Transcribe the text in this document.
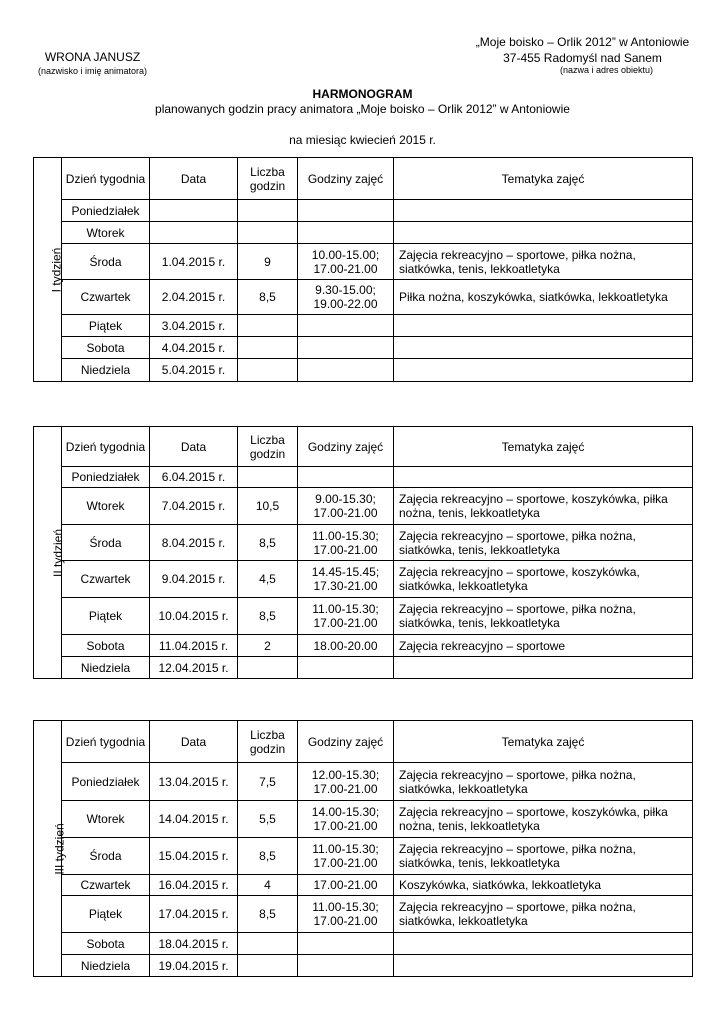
WRONA JANUSZ
(nazwisko i imię animatora)
„Moje boisko – Orlik 2012” w Antoniowie
37-455 Radomyśl nad Sanem
(nazwa i adres obiektu)
HARMONOGRAM
planowanych godzin pracy animatora „Moje boisko – Orlik 2012” w Antoniowie
na miesiąc kwiecień 2015 r.
I tydzień	Dzień tygodnia	Data	Liczba godzin	Godziny zajęć	Tematyka zajęć
	Poniedziałek				
	Wtorek				
	Środa	1.04.2015 r.	9	10.00-15.00;
17.00-21.00	Zajęcia rekreacyjno – sportowe, piłka nożna,
siatkówka, tenis, lekkoatletyka
	Czwartek	2.04.2015 r.	8,5	9.30-15.00;
19.00-22.00	Piłka nożna, koszykówka, siatkówka, lekkoatletyka
	Piątek	3.04.2015 r.			
	Sobota	4.04.2015 r.			
	Niedziela	5.04.2015 r.			
II tydzień	Dzień tygodnia	Data	Liczba godzin	Godziny zajęć	Tematyka zajęć
	Poniedziałek	6.04.2015 r.			
	Wtorek	7.04.2015 r.	10,5	9.00-15.30;
17.00-21.00	Zajęcia rekreacyjno – sportowe, koszykówka, piłka
nożna, tenis, lekkoatletyka
	Środa	8.04.2015 r.	8,5	11.00-15.30;
17.00-21.00	Zajęcia rekreacyjno – sportowe, piłka nożna,
siatkówka, tenis, lekkoatletyka
	Czwartek	9.04.2015 r.	4,5	14.45-15.45;
17.30-21.00	Zajęcia rekreacyjno – sportowe, koszykówka,
siatkówka, lekkoatletyka
	Piątek	10.04.2015 r.	8,5	11.00-15.30;
17.00-21.00	Zajęcia rekreacyjno – sportowe, piłka nożna,
siatkówka, tenis, lekkoatletyka
	Sobota	11.04.2015 r.	2	18.00-20.00	Zajęcia rekreacyjno – sportowe
	Niedziela	12.04.2015 r.			
III tydzień	Dzień tygodnia	Data	Liczba godzin	Godziny zajęć	Tematyka zajęć
	Poniedziałek	13.04.2015 r.	7,5	12.00-15.30;
17.00-21.00	Zajęcia rekreacyjno – sportowe, piłka nożna,
siatkówka, lekkoatletyka
	Wtorek	14.04.2015 r.	5,5	14.00-15.30;
17.00-21.00	Zajęcia rekreacyjno – sportowe, koszykówka, piłka
nożna, tenis, lekkoatletyka
	Środa	15.04.2015 r.	8,5	11.00-15.30;
17.00-21.00	Zajęcia rekreacyjno – sportowe, piłka nożna,
siatkówka, tenis, lekkoatletyka
	Czwartek	16.04.2015 r.	4	17.00-21.00	Koszykówka, siatkówka, lekkoatletyka
	Piątek	17.04.2015 r.	8,5	11.00-15.30;
17.00-21.00	Zajęcia rekreacyjno – sportowe, piłka nożna,
siatkówka, lekkoatletyka
	Sobota	18.04.2015 r.			
	Niedziela	19.04.2015 r.			
